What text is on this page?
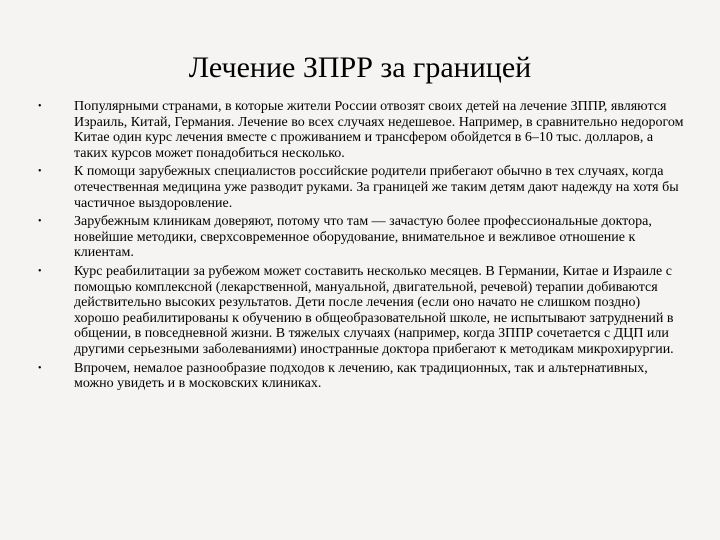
Лечение ЗПРР за границей
• Популярными странами, в которые жители России отвозят своих детей на лечение ЗППР, являются Израиль, Китай, Германия. Лечение во всех случаях недешевое. Например, в сравнительно недорогом Китае один курс лечения вместе с проживанием и трансфером обойдется в 6–10 тыс. долларов, а таких курсов может понадобиться несколько.
• К помощи зарубежных специалистов российские родители прибегают обычно в тех случаях, когда отечественная медицина уже разводит руками. За границей же таким детям дают надежду на хотя бы частичное выздоровление.
• Зарубежным клиникам доверяют, потому что там — зачастую более профессиональные доктора, новейшие методики, сверхсовременное оборудование, внимательное и вежливое отношение к клиентам.
• Курс реабилитации за рубежом может составить несколько месяцев. В Германии, Китае и Израиле с помощью комплексной (лекарственной, мануальной, двигательной, речевой) терапии добиваются действительно высоких результатов. Дети после лечения (если оно начато не слишком поздно) хорошо реабилитированы к обучению в общеобразовательной школе, не испытывают затруднений в общении, в повседневной жизни. В тяжелых случаях (например, когда ЗППР сочетается с ДЦП или другими серьезными заболеваниями) иностранные доктора прибегают к методикам микрохирургии.
• Впрочем, немалое разнообразие подходов к лечению, как традиционных, так и альтернативных, можно увидеть и в московских клиниках.
